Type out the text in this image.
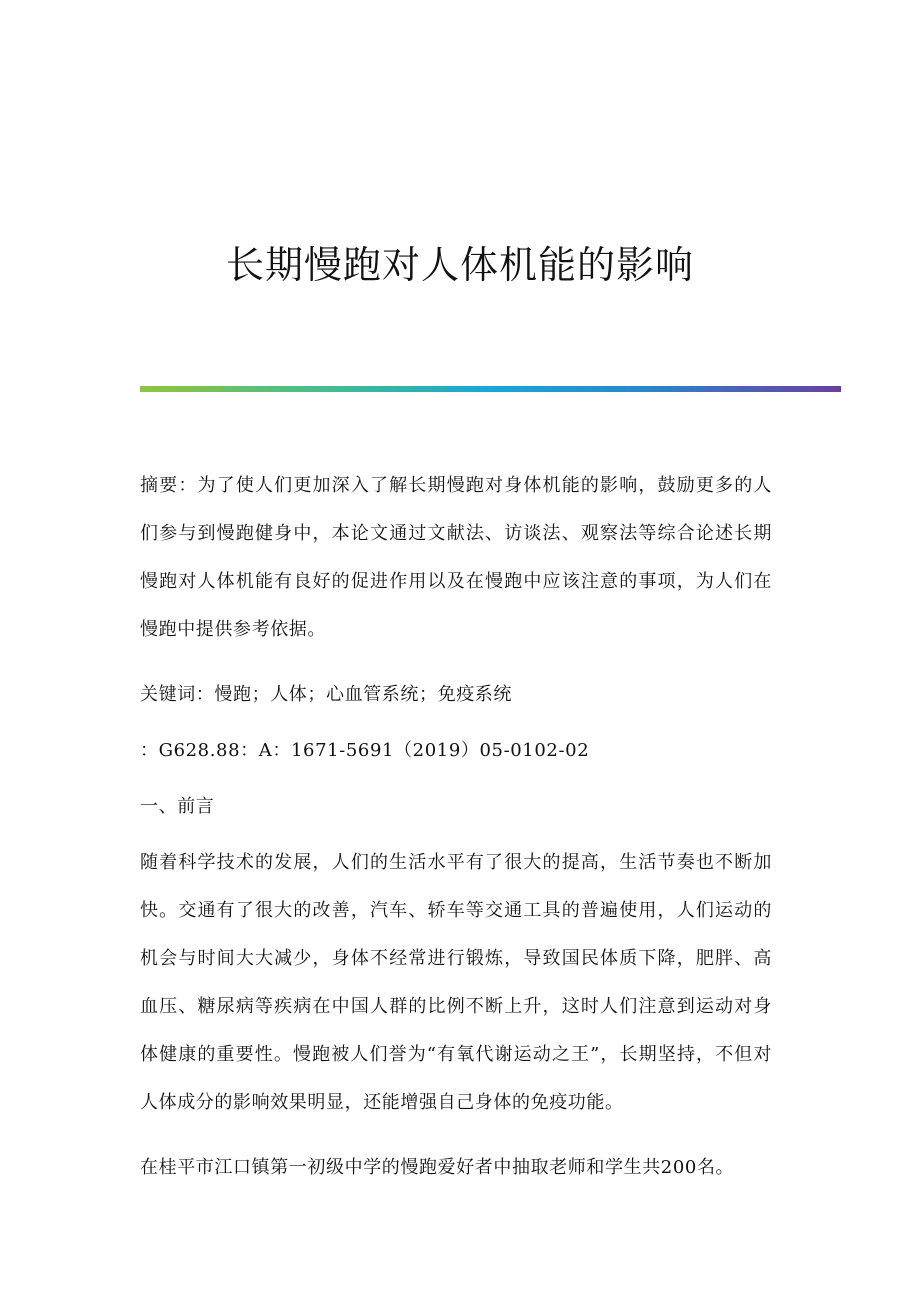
长期慢跑对人体机能的影响

摘要：为了使人们更加深入了解长期慢跑对身体机能的影响，鼓励更多的人们参与到慢跑健身中，本论文通过文献法、访谈法、观察法等综合论述长期慢跑对人体机能有良好的促进作用以及在慢跑中应该注意的事项，为人们在慢跑中提供参考依据。

关键词：慢跑；人体；心血管系统；免疫系统

：G628.88：A：1671-5691（2019）05-0102-02

一、前言

随着科学技术的发展，人们的生活水平有了很大的提高，生活节奏也不断加快。交通有了很大的改善，汽车、轿车等交通工具的普遍使用，人们运动的机会与时间大大减少，身体不经常进行锻炼，导致国民体质下降，肥胖、高血压、糖尿病等疾病在中国人群的比例不断上升，这时人们注意到运动对身体健康的重要性。慢跑被人们誉为“有氧代谢运动之王”，长期坚持，不但对人体成分的影响效果明显，还能增强自己身体的免疫功能。

在桂平市江口镇第一初级中学的慢跑爱好者中抽取老师和学生共200名。
